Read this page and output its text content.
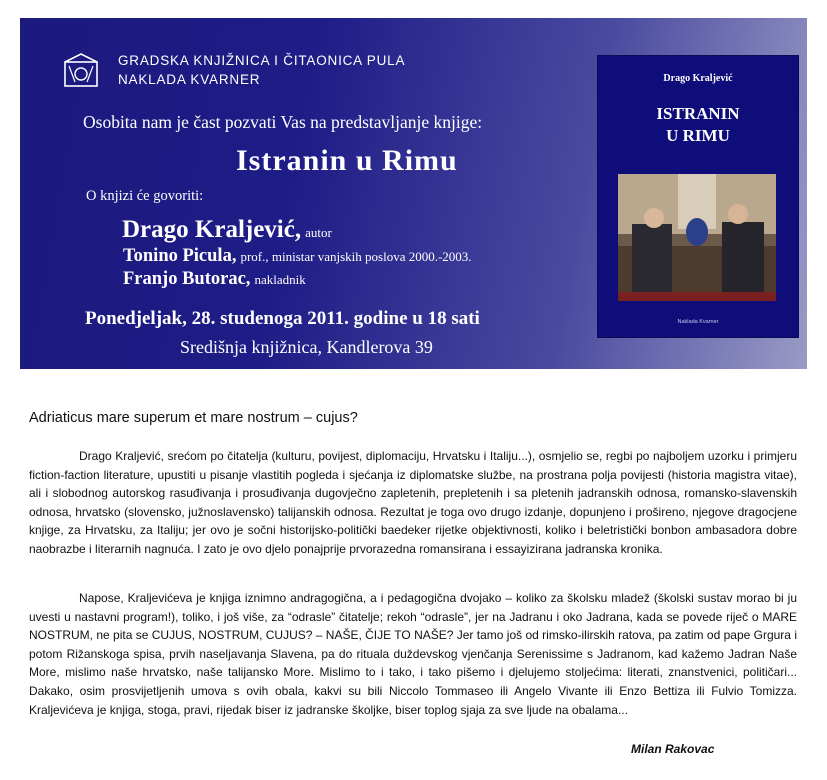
GRADSKA KNJIŽNICA I ČITAONICA PULA
NAKLADA KVARNER
Osobita nam je čast pozvati Vas na predstavljanje knjige:
Istranin u Rimu
O knjizi će govoriti:
Drago Kraljević, autor
Tonino Picula, prof., ministar vanjskih poslova 2000.-2003.
Franjo Butorac, nakladnik
Ponedjeljak, 28. studenoga 2011. godine u 18 sati
Središnja knjižnica, Kandlerova 39
Drago Kraljević
ISTRANIN
U RIMU
Naklada Kvarner
Adriaticus mare superum et mare nostrum – cujus?

Drago Kraljević, srećom po čitatelja (kulturu, povijest, diplomaciju, Hrvatsku i Italiju...), osmjelio se, regbi po najboljem uzorku i primjeru fiction-faction literature, upustiti u pisanje vlastitih pogleda i sjećanja iz diplomatske službe, na prostrana polja povijesti (historia magistra vitae), ali i slobodnog autorskog rasuđivanja i prosuđivanja dugovječno zapletenih, prepletenih i sa pletenih jadranskih odnosa, romansko-slavenskih odnosa, hrvatsko (slovensko, južnoslavensko) talijanskih odnosa. Rezultat je toga ovo drugo izdanje, dopunjeno i prošireno, njegove dragocjene knjige, za Hrvatsku, za Italiju; jer ovo je sočni historijsko-politički baedeker rijetke objektivnosti, koliko i beletristički bonbon ambasadora dobre naobrazbe i literarnih nagnuća. I zato je ovo djelo ponajprije prvorazedna romansirana i essayizirana jadranska kronika.

Napose, Kraljevićeva je knjiga iznimno andragogična, a i pedagogična dvojako – koliko za školsku mladež (školski sustav morao bi ju uvesti u nastavni program!), toliko, i još više, za “odrasle” čitatelje; rekoh “odrasle”, jer na Jadranu i oko Jadrana, kada se povede riječ o MARE NOSTRUM, ne pita se CUJUS, NOSTRUM, CUJUS? – NAŠE, ČIJE TO NAŠE? Jer tamo još od rimsko-ilirskih ratova, pa zatim od pape Grgura i potom Rižanskoga spisa, prvih naseljavanja Slavena, pa do rituala duždevskog vjenčanja Serenissime s Jadranom, kad kažemo Jadran Naše More, mislimo naše hrvatsko, naše talijansko More. Mislimo to i tako, i tako pišemo i djelujemo stoljećima: literati, znanstvenici, političari... Dakako, osim prosvijetljenih umova s ovih obala, kakvi su bili Niccolo Tommaseo ili Angelo Vivante ili Enzo Bettiza ili Fulvio Tomizza. Kraljevićeva je knjiga, stoga, pravi, rijedak biser iz jadranske školjke, biser toplog sjaja za sve ljude na obalama...

Milan Rakovac
